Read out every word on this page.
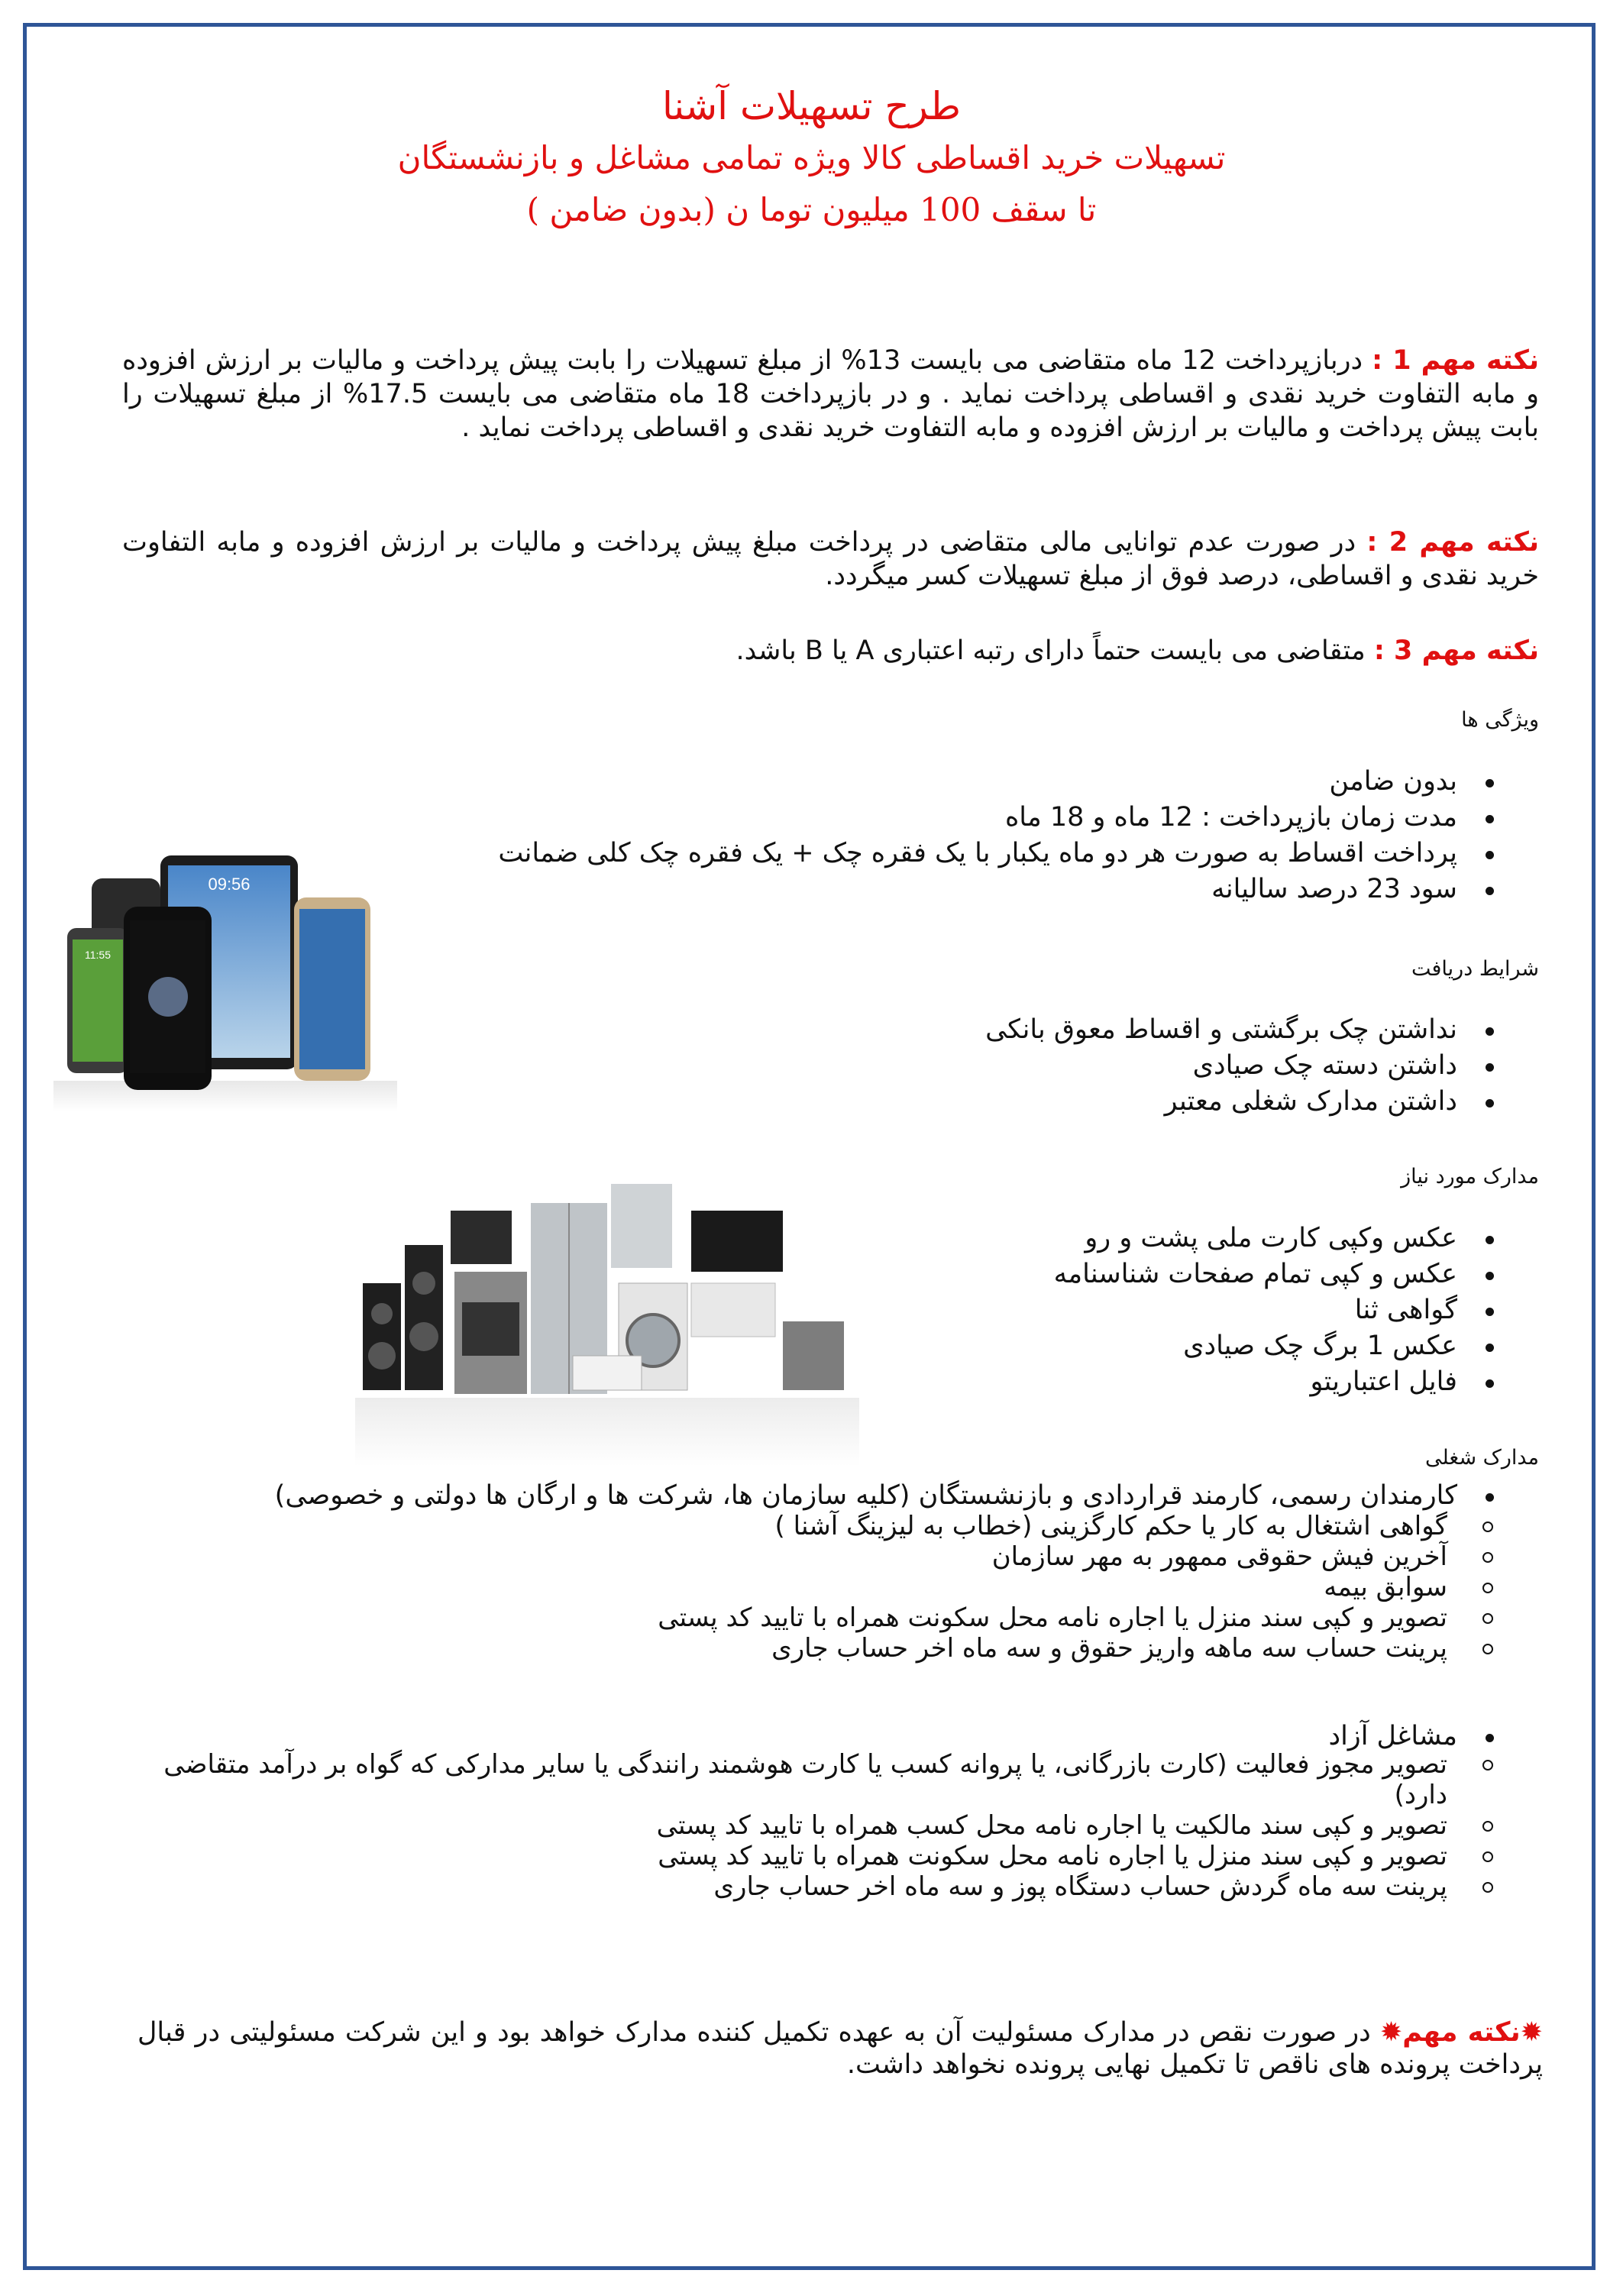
طرح تسهیلات آشنا
تسهیلات خرید اقساطی کالا ویژه تمامی مشاغل و بازنشستگان
تا سقف 100 میلیون توما ن (بدون ضامن )
نکته مهم 1 : درباز‌پرداخت 12 ماه متقاضی می بایست 13% از مبلغ تسهیلات را بابت پیش پرداخت و مالیات بر ارزش افزوده و مابه التفاوت خرید نقدی و اقساطی پرداخت نماید . و در بازپرداخت 18 ماه متقاضی می بایست 17.5% از مبلغ تسهیلات را بابت پیش پرداخت و مالیات بر ارزش افزوده و مابه التفاوت خرید نقدی و اقساطی پرداخت نماید .
نکته مهم 2 : در صورت عدم توانایی مالی متقاضی در پرداخت مبلغ پیش پرداخت و مالیات بر ارزش افزوده و مابه التفاوت خرید نقدی و اقساطی، درصد فوق از مبلغ تسهیلات کسر میگردد.
نکته مهم 3 : متقاضی می بایست حتماً دارای رتبه اعتباری A یا B باشد.
ویژگی ها
بدون ضامن
مدت زمان بازپرداخت : 12 ماه و 18 ماه
پرداخت اقساط به صورت هر دو ماه یکبار با یک فقره چک + یک فقره چک کلی ضمانت
سود 23 درصد سالیانه
شرایط دریافت
نداشتن چک برگشتی و اقساط معوق بانکی
داشتن دسته چک صیادی
داشتن مدارک شغلی معتبر
مدارک مورد نیاز
عکس وکپی کارت ملی پشت و رو
عکس و کپی تمام صفحات شناسنامه
گواهی ثنا
عکس 1 برگ چک صیادی
فایل اعتباریتو
مدارک شغلی
کارمندان رسمی، کارمند قراردادی و بازنشستگان (کلیه سازمان ها، شرکت ها و ارگان ها دولتی و خصوصی)
گواهی اشتغال به کار یا حکم کارگزینی (خطاب به لیزینگ آشنا )
آخرین فیش حقوقی ممهور به مهر سازمان
سوابق بیمه
تصویر و کپی سند منزل یا اجاره نامه محل سکونت همراه با تایید کد پستی
پرینت حساب سه ماهه واریز حقوق و سه ماه اخر حساب جاری
مشاغل آزاد
تصویر مجوز فعالیت (کارت بازرگانی، یا پروانه کسب یا کارت هوشمند رانندگی یا سایر مدارکی که گواه بر درآمد متقاضی دارد)
تصویر و کپی سند مالکیت یا اجاره نامه محل کسب همراه با تایید کد پستی
تصویر و کپی سند منزل یا اجاره نامه محل سکونت همراه با تایید کد پستی
پرینت سه ماه گردش حساب دستگاه پوز و سه ماه اخر حساب جاری
✹نکته مهم✹ در صورت نقص در مدارک مسئولیت آن به عهده تکمیل کننده مدارک خواهد بود و این شرکت مسئولیتی در قبال پرداخت پرونده های ناقص تا تکمیل نهایی پرونده نخواهد داشت.
09:56
11:55
